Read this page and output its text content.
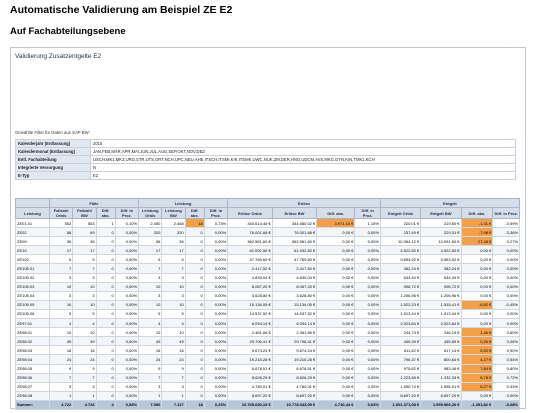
Automatische Validierung am Beispiel ZE E2
Auf Fachabteilungsebene
Validierung Zusatzentgelte E2
Gewählte Filter für Daten aus SAP BW:
Kalenderjahr (Entlassung)	2015
Kalendermonat (Entlassung)	JAN,FEB,MÄR,APR,MAI,JUN,JUL,AUG,SEP,OKT,NOV,DEZ
Entl. Fachabteilung	USCH,MK1,MK3,URO,STR,UTS,ORT,NCH,UPC,NEU,AHE,ITSCH,ITSMI,KIK,ITSMK,UWC,NUK,ZM,DER,HNO,UDCM,AVS,MKG,GYN,KIN,TMK1,KCH
Integrierte Versorgung	N
E-Typ	E2
	Fälle				Leistung				Erlöse				Entgelt			
Leistung	Fallzahl Orbis	Fallzahl BW	Diff. abs.	Diff. in Proz.	Leistung Orbis	Leistung BW	Diff. abs.	Diff. in Proz.	Erlöse Orbis	Erlöse BW	Diff. abs.	Diff. in Proz.	Entgelt Orbis	Entgelt BW	Diff. abs.	Diff. in Proz.
ZE01.01	552	553	1	0,10%	2.450	2.468	18	0,73%	340.614,46 €	344.580,02 €	3.971,10 €	1,15%	220,01 €	219,50 €	-1,31 €	-0,59%
ZE02	68	69	0	0,00%	320	320	0	0,00%	76.001,68 €	76.001,68 €	0,00 €	0,00%	237,49 €	229,51 €	-7,98 €	-3,36%
ZE09	36	36	0	0,00%	36	36	0	0,00%	362.561,60 €	362.561,60 €	0,00 €	0,00%	10.064,12 €	10.091,60 €	27,48 €	0,27%
ZE10	17	17	0	0,00%	17	17	0	0,00%	61.092,50 €	61.092,50 €	0,00 €	0,00%	4.522,50 €	4.522,50 €	0,00 €	0,00%
ZE102	5	5	0	0,00%	5	5	0	0,00%	47.769,60 €	47.769,60 €	0,00 €	0,00%	9.553,92 €	9.553,92 €	0,00 €	0,00%
ZE105.01	7	7	0	0,00%	7	7	0	0,00%	2.417,52 €	2.417,52 €	0,00 €	0,00%	382,24 €	382,24 €	0,00 €	0,00%
ZE105.02	3	3	0	0,00%	3	3	0	0,00%	4.835,04 €	4.835,04 €	0,00 €	0,00%	634,40 €	634,40 €	0,00 €	0,00%
ZE105.03	10	10	0	0,00%	10	10	0	0,00%	8.067,20 €	8.067,20 €	0,00 €	0,00%	906,72 €	906,72 €	0,00 €	0,00%
ZE105.04	3	3	0	0,00%	3	3	0	0,00%	3.628,80 €	3.628,80 €	0,00 €	0,00%	1.206,96 €	1.206,96 €	0,00 €	0,00%
ZE105.05	10	10	0	0,00%	10	10	0	0,00%	15.134,05 €	15.134,05 €	0,00 €	0,00%	1.522,23 €	1.515,41 €	-6,82 €	-0,45%
ZE105.06	5	5	0	0,00%	5	5	0	0,00%	14.537,52 €	14.537,52 €	0,00 €	0,00%	1.913,44 €	1.913,44 €	0,00 €	0,00%
ZE97.01	4	4	0	0,00%	4	4	0	0,00%	6.094,14 €	6.094,14 €	0,00 €	0,00%	2.023,84 €	2.023,84 €	0,00 €	0,00%
ZE98.01	10	10	0	0,00%	10	10	0	0,00%	2.461,66 €	2.461,66 €	0,00 €	0,00%	244,73 €	246,19 €	1,46 €	0,60%
ZE98.02	49	49	0	0,00%	49	49	0	0,00%	29.706,41 €	29.706,41 €	0,00 €	0,00%	435,39 €	435,65 €	0,26 €	0,06%
ZE98.03	16	16	0	0,00%	16	16	0	0,00%	9.674,24 €	9.674,24 €	0,00 €	0,00%	611,62 €	617,14 €	5,52 €	0,90%
ZE98.04	24	24	0	0,00%	24	24	0	0,00%	19.215,28 €	19.215,28 €	0,00 €	0,00%	796,37 €	800,64 €	4,27 €	0,54%
ZE98.05	9	9	0	0,00%	9	9	0	0,00%	6.678,51 €	6.678,51 €	0,00 €	0,00%	975,62 €	983,46 €	7,84 €	0,80%
ZE98.06	7	7	0	0,00%	7	7	0	0,00%	8.626,29 €	8.626,29 €	0,00 €	0,00%	1.223,55 €	1.232,33 €	8,78 €	0,72%
ZE98.07	3	3	0	0,00%	3	3	0	0,00%	4.780,01 €	4.780,01 €	0,00 €	0,00%	1.590,74 €	1.596,01 €	5,27 €	0,33%
ZE98.08	1	1	0	0,00%	1	1	0	0,00%	8.697,20 €	8.697,20 €	0,00 €	0,00%	8.697,20 €	8.697,20 €	0,00 €	0,00%
Summe:	4.722	4.726	4	0,08%	7.090	7.117	18	0,23%	10.765.630,15 €	10.778.343,09 €	4.710,44 €	0,04%	1.601.371,08 €	1.599.969,26 €	-1.391,82 €	-0,08%
